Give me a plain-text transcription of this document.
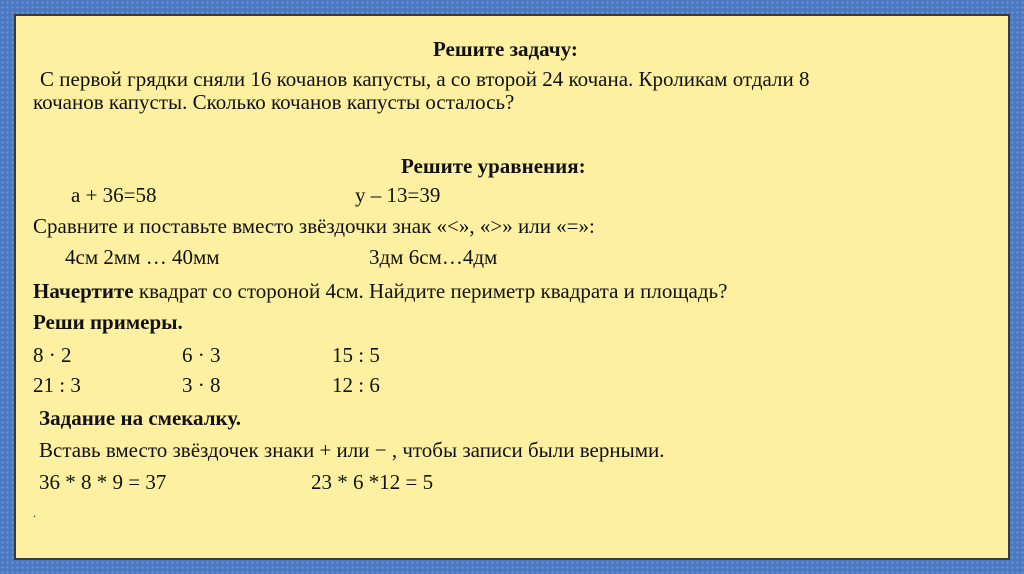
Решите задачу:
С первой грядки сняли 16 кочанов капусты, а со второй 24 кочана. Кроликам отдали 8
кочанов капусты. Сколько кочанов капусты осталось?
Решите уравнения:
а + 36=58	у – 13=39
Сравните и поставьте вместо звёздочки знак «<», «>» или «=»:
4см 2мм … 40мм	3дм 6см…4дм
Начертите квадрат со стороной 4см. Найдите периметр квадрата и площадь?
Реши примеры.
8 · 2	6 · 3	15 : 5
21 : 3	3 · 8	12 : 6
Задание на смекалку.
Вставь вместо звёздочек знаки + или − , чтобы записи были верными.
36 * 8 * 9 = 37	23 * 6 *12 = 5
.
